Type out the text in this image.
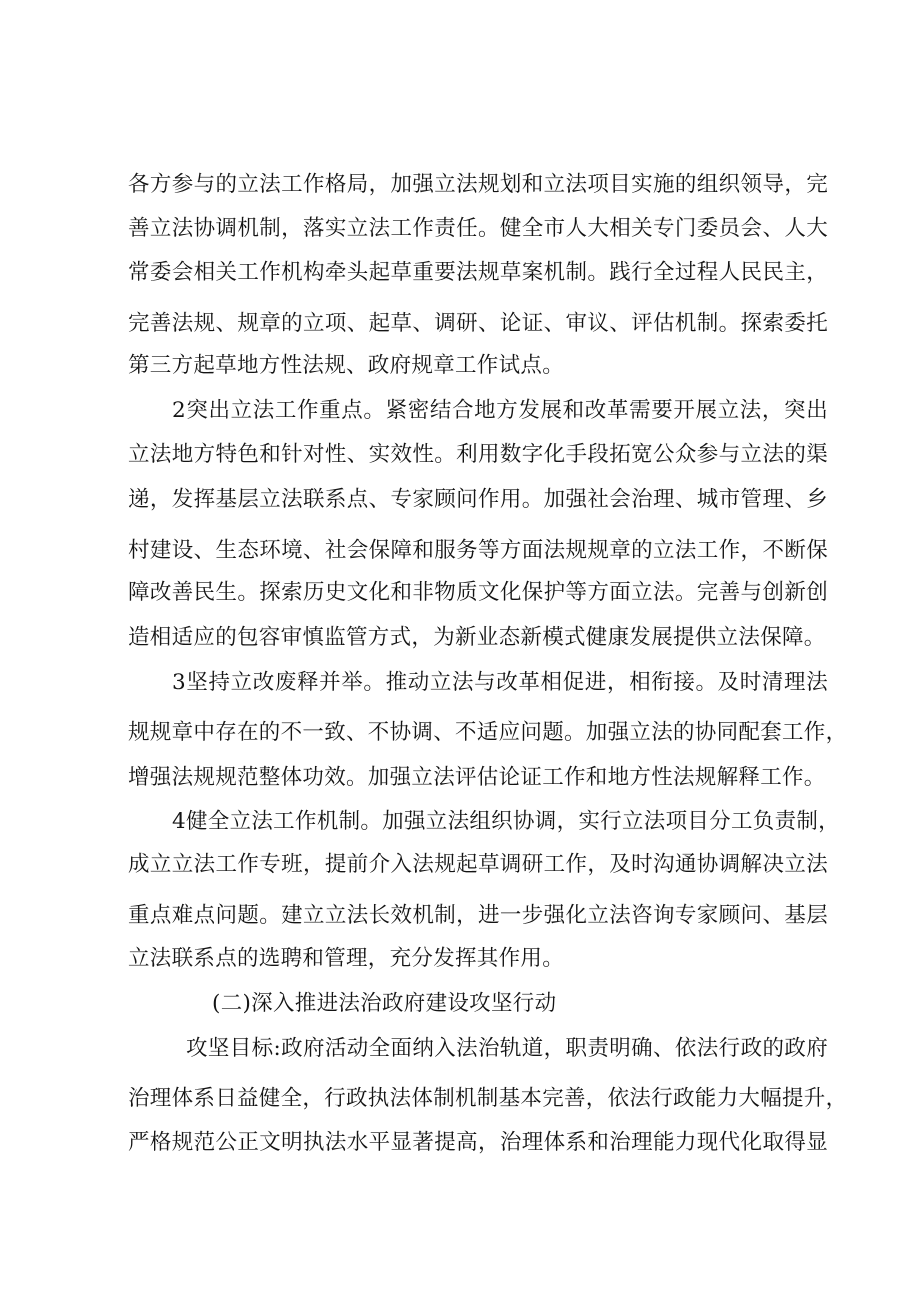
各方参与的立法工作格局，加强立法规划和立法项目实施的组织领导，完
善立法协调机制，落实立法工作责任。健全市人大相关专门委员会、人大
常委会相关工作机构牵头起草重要法规草案机制。践行全过程人民民主，
完善法规、规章的立项、起草、调研、论证、审议、评估机制。探索委托
第三方起草地方性法规、政府规章工作试点。
2突出立法工作重点。紧密结合地方发展和改革需要开展立法，突出
立法地方特色和针对性、实效性。利用数字化手段拓宽公众参与立法的渠
递，发挥基层立法联系点、专家顾问作用。加强社会治理、城市管理、乡
村建设、生态环境、社会保障和服务等方面法规规章的立法工作，不断保
障改善民生。探索历史文化和非物质文化保护等方面立法。完善与创新创
造相适应的包容审慎监管方式，为新业态新模式健康发展提供立法保障。
3坚持立改废释并举。推动立法与改革相促进，相衔接。及时清理法
规规章中存在的不一致、不协调、不适应问题。加强立法的协同配套工作，
增强法规规范整体功效。加强立法评估论证工作和地方性法规解释工作。
4健全立法工作机制。加强立法组织协调，实行立法项目分工负责制，
成立立法工作专班，提前介入法规起草调研工作，及时沟通协调解决立法
重点难点问题。建立立法长效机制，进一步强化立法咨询专家顾问、基层
立法联系点的选聘和管理，充分发挥其作用。
(二)深入推进法治政府建设攻坚行动
攻坚目标:政府活动全面纳入法治轨道，职责明确、依法行政的政府
治理体系日益健全，行政执法体制机制基本完善，依法行政能力大幅提升，
严格规范公正文明执法水平显著提高，治理体系和治理能力现代化取得显
